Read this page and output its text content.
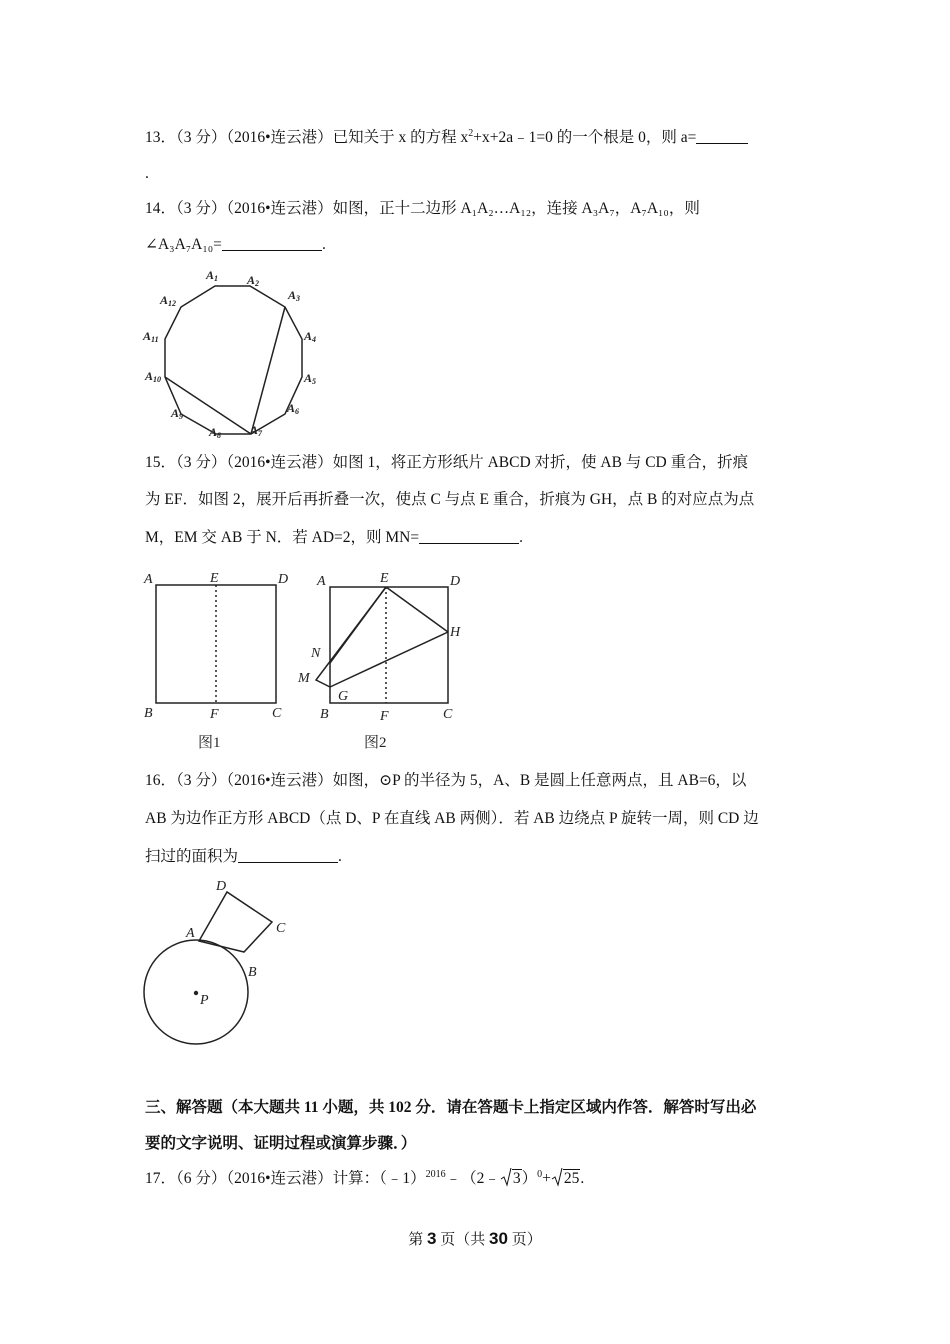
13．（3 分）（2016•连云港）已知关于 x 的方程 $x^2+x+2a﹣1=0$ 的一个根是 0，则 a=
.
14．（3 分）（2016•连云港）如图，正十二边形 A₁A₂…A₁₂，连接 A₃A₇，A₇A₁₀，则
∠A₃A₇A₁₀=	.
A1 A2
A3
A4
A5
A6
A7
A8
A9
A10
A11
A12
15．（3 分）（2016•连云港）如图 1，将正方形纸片 ABCD 对折，使 AB 与 CD 重合，折痕
为 EF．如图 2，展开后再折叠一次，使点 C 与点 E 重合，折痕为 GH，点 B 的对应点为点
M，EM 交 AB 于 N．若 AD=2，则 MN=	.
A	E	D
B	F	C
图1
A	E	D
N
H
M
G
B	F	C
图2
16．（3 分）（2016•连云港）如图，⊙P 的半径为 5，A、B 是圆上任意两点，且 AB=6，以
AB 为边作正方形 ABCD（点 D、P 在直线 AB 两侧）．若 AB 边绕点 P 旋转一周，则 CD 边
扫过的面积为	.
D
A	C
B
P
三、解答题（本大题共 11 小题，共 102 分．请在答题卡上指定区域内作答．解答时写出必
要的文字说明、证明过程或演算步骤．）
17．（6 分）（2016•连云港）计算：（﹣1）$^{2016}$﹣（2﹣ 3）$^0$+ 25.
第 3 页（共 30 页）
